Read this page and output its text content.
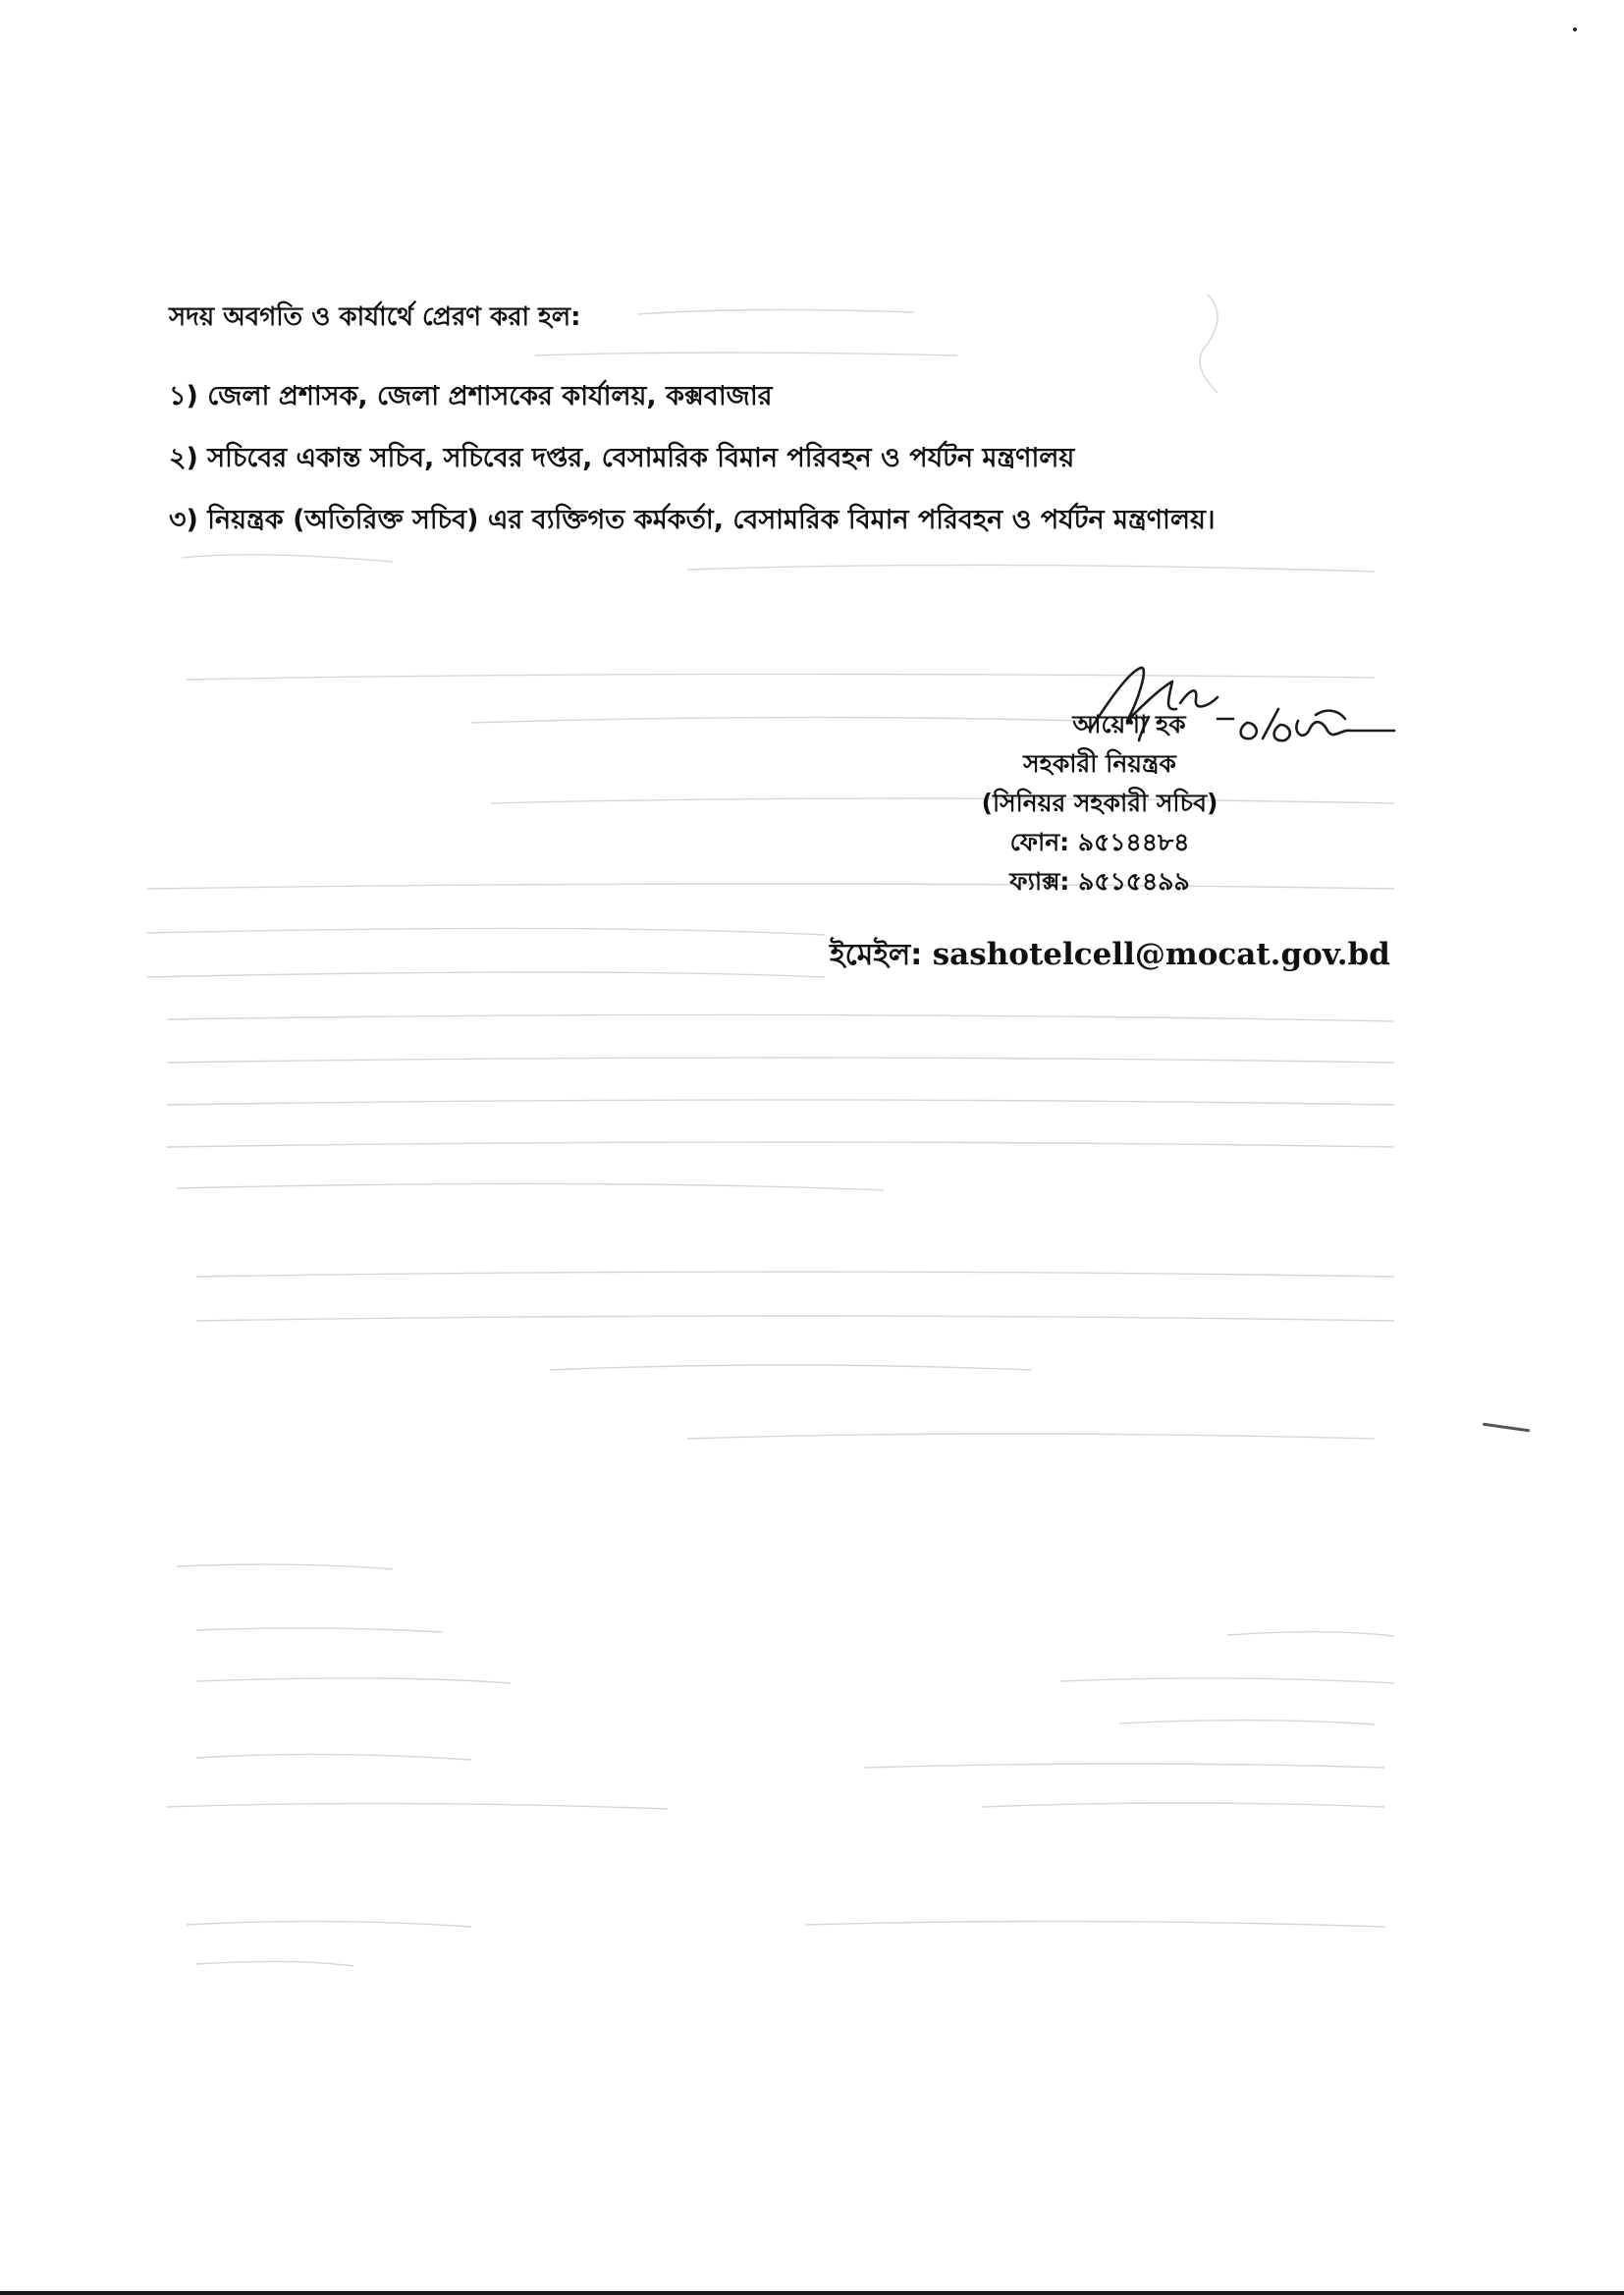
সদয় অবগতি ও কার্যার্থে প্রেরণ করা হল:
১) জেলা প্রশাসক, জেলা প্রশাসকের কার্যালয়, কক্সবাজার
২) সচিবের একান্ত সচিব, সচিবের দপ্তর, বেসামরিক বিমান পরিবহন ও পর্যটন মন্ত্রণালয়
৩) নিয়ন্ত্রক (অতিরিক্ত সচিব) এর ব্যক্তিগত কর্মকর্তা, বেসামরিক বিমান পরিবহন ও পর্যটন মন্ত্রণালয়।
আয়েশা হক
সহকারী নিয়ন্ত্রক
(সিনিয়র সহকারী সচিব)
ফোন: ৯৫১৪৪৮৪
ফ্যাক্স: ৯৫১৫৪৯৯
ইমেইল: sashotelcell@mocat.gov.bd
